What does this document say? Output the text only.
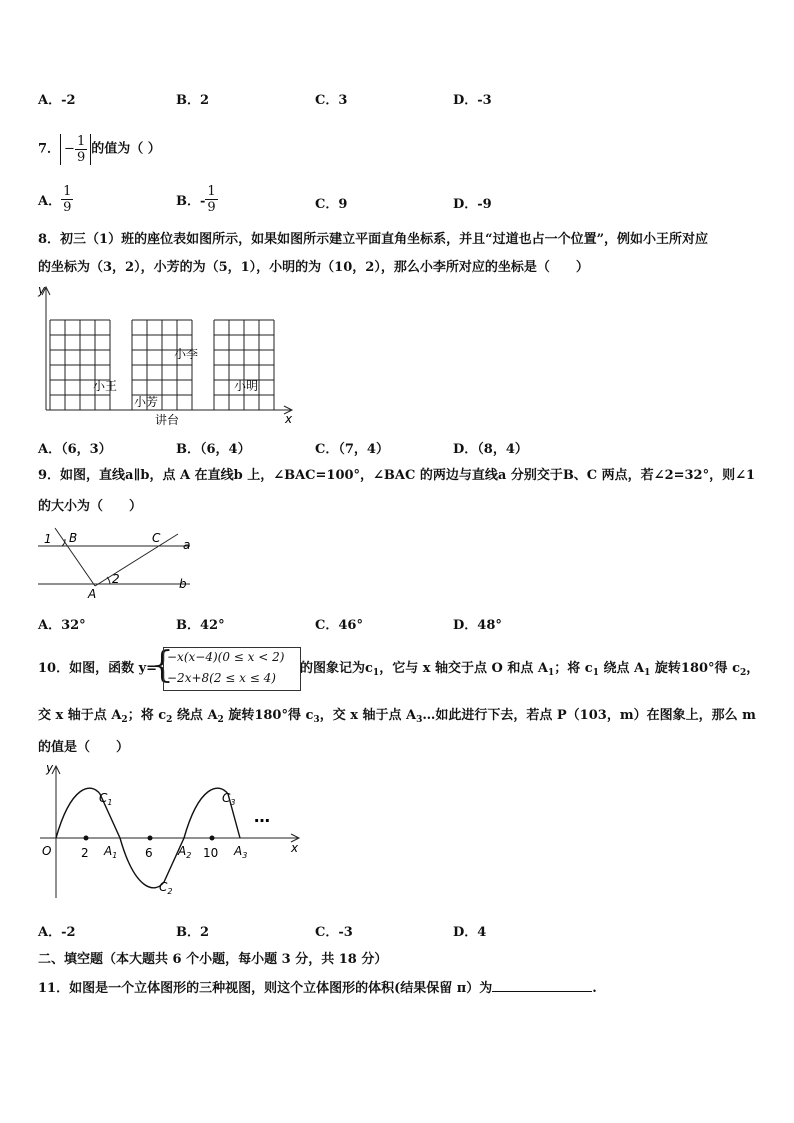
A．-2	B．2	C．3	D．-3
7． − $\frac{1}{9}$ 的值为（ ）
A． $\frac{1}{9}$	B．- $\frac{1}{9}$	C．9	D．-9
8．初三（1）班的座位表如图所示，如果如图所示建立平面直角坐标系，并且“过道也占一个位置”，例如小王所对应
的坐标为（3，2），小芳的为（5，1），小明的为（10，2），那么小李所对应的坐标是（　　）
y
x
小王
小芳
小李
小明
讲台
A．（6，3）	B．（6，4）	C．（7，4）	D．（8，4）
9．如图，直线a∥b，点 A 在直线b 上，∠BAC=100°，∠BAC 的两边与直线a 分别交于B、C 两点，若∠2=32°，则∠1
的大小为（　　）
1 B	C a
2
A
b
A．32°	B．42°	C．46°	D．48°
10．如图，函数 y=
{
−x(x−4)(0 ≤ x < 2)
−2x+8(2 ≤ x ≤ 4)
的图象记为$c_1$，它与 x 轴交于点 O 和点 $A_1$；将 $c_1$ 绕点 $A_1$ 旋转180°得 $c_2$，
交 x 轴于点 $A_2$；将 $c_2$ 绕点 $A_2$ 旋转180°得 $c_3$，交 x 轴于点 $A_3\dots$如此进行下去，若点 P（103，m）在图象上，那么 m
的值是（　　）
y
x
O 2	6	10
$A_1$	$A_2$	$A_3$
$C_1$
$C_2$
$C_3$
…
A．-2	B．2	C．-3	D．4
二、填空题（本大题共 6 个小题，每小题 3 分，共 18 分）
11．如图是一个立体图形的三种视图，则这个立体图形的体积(结果保留 π）为	.
